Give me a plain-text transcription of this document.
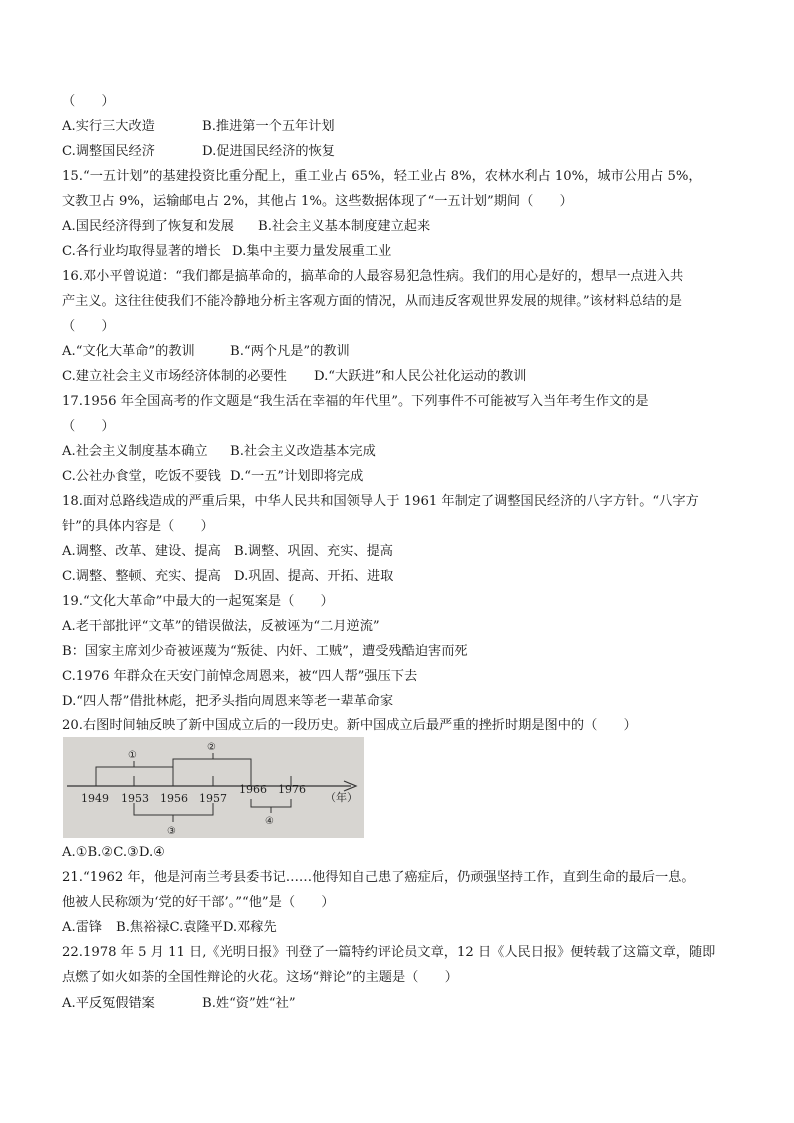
（　　）
A.实行三大改造	B.推进第一个五年计划
C.调整国民经济	D.促进国民经济的恢复
15.“一五计划”的基建投资比重分配上，重工业占 65%，轻工业占 8%，农林水利占 10%，城市公用占 5%，
文教卫占 9%，运输邮电占 2%，其他占 1%。这些数据体现了“一五计划”期间（　　）
A.国民经济得到了恢复和发展 B.社会主义基本制度建立起来
C.各行业均取得显著的增长 D.集中主要力量发展重工业
16.邓小平曾说道：“我们都是搞革命的，搞革命的人最容易犯急性病。我们的用心是好的，想早一点进入共
产主义。这往往使我们不能冷静地分析主客观方面的情况，从而违反客观世界发展的规律。”该材料总结的是
（　　）
A.“文化大革命”的教训	B.“两个凡是”的教训
C.建立社会主义市场经济体制的必要性 D.“大跃进”和人民公社化运动的教训
17.1956 年全国高考的作文题是“我生活在幸福的年代里”。下列事件不可能被写入当年考生作文的是
（　　）
A.社会主义制度基本确立 B.社会主义改造基本完成
C.公社办食堂，吃饭不要钱 D.“一五”计划即将完成
18.面对总路线造成的严重后果，中华人民共和国领导人于 1961 年制定了调整国民经济的八字方针。“八字方
针”的具体内容是（　　）
A.调整、改革、建设、提高 B.调整、巩固、充实、提高
C.调整、整顿、充实、提高 D.巩固、提高、开拓、进取
19.“文化大革命”中最大的一起冤案是（　　）
A.老干部批评“文革”的错误做法，反被诬为“二月逆流”
B：国家主席刘少奇被诬蔑为“叛徒、内奸、工贼”，遭受残酷迫害而死
C.1976 年群众在天安门前悼念周恩来，被“四人帮”强压下去
D.“四人帮”借批林彪，把矛头指向周恩来等老一辈革命家
20.右图时间轴反映了新中国成立后的一段历史。新中国成立后最严重的挫折时期是图中的（　　）
1949 1953 1956 1957
1966 1976
（年）
①
②
③
④
A.①B.②C.③D.④
21.“1962 年，他是河南兰考县委书记……他得知自己患了癌症后，仍顽强坚持工作，直到生命的最后一息。
他被人民称颂为‘党的好干部’。”“他”是（　　）
A.雷锋 B.焦裕禄C.袁隆平D.邓稼先
22.1978 年 5 月 11 日,《光明日报》刊登了一篇特约评论员文章，12 日《人民日报》便转载了这篇文章，随即
点燃了如火如荼的全国性辩论的火花。这场“辩论”的主题是（　　）
A.平反冤假错案	B.姓“资”姓“社”
